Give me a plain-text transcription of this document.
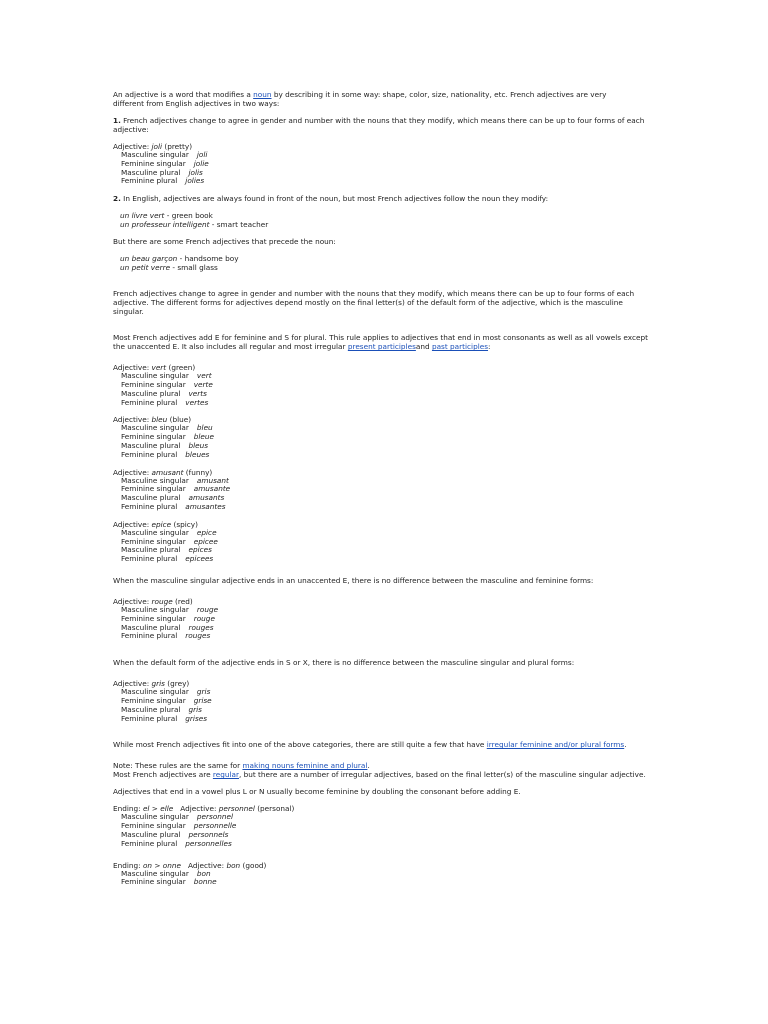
An adjective is a word that modifies a noun by describing it in some way: shape, color, size, nationality, etc. French adjectives are very

different from English adjectives in two ways:

1. French adjectives change to agree in gender and number with the nouns that they modify, which means there can be up to four forms of each adjective:

Adjective: joli (pretty)

Masculine singular joli
Feminine singular jolie
Masculine plural jolis
Feminine plural jolies

2. In English, adjectives are always found in front of the noun, but most French adjectives follow the noun they modify:

un livre vert - green book
un professeur intelligent - smart teacher

But there are some French adjectives that precede the noun:

un beau garçon - handsome boy
un petit verre - small glass

French adjectives change to agree in gender and number with the nouns that they modify, which means there can be up to four forms of each adjective. The different forms for adjectives depend mostly on the final letter(s) of the default form of the adjective, which is the masculine singular.

Most French adjectives add E for feminine and S for plural. This rule applies to adjectives that end in most consonants as well as all vowels except the unaccented E. It also includes all regular and most irregular present participlesand past participles:

Adjective: vert (green)

Masculine singular vert
Feminine singular verte
Masculine plural verts
Feminine plural vertes

Adjective: bleu (blue)

Masculine singular bleu
Feminine singular bleue
Masculine plural bleus
Feminine plural bleues

Adjective: amusant (funny)

Masculine singular amusant
Feminine singular amusante
Masculine plural amusants
Feminine plural amusantes

Adjective: epice (spicy)

Masculine singular epice
Feminine singular epicee
Masculine plural epices
Feminine plural epicees

When the masculine singular adjective ends in an unaccented E, there is no difference between the masculine and feminine forms:

Adjective: rouge (red)

Masculine singular rouge
Feminine singular rouge
Masculine plural rouges
Feminine plural rouges

When the default form of the adjective ends in S or X, there is no difference between the masculine singular and plural forms:

Adjective: gris (grey)

Masculine singular gris
Feminine singular grise
Masculine plural gris
Feminine plural grises

While most French adjectives fit into one of the above categories, there are still quite a few that have irregular feminine and/or plural forms.

Note: These rules are the same for making nouns feminine and plural.

Most French adjectives are regular, but there are a number of irregular adjectives, based on the final letter(s) of the masculine singular adjective.

Adjectives that end in a vowel plus L or N usually become feminine by doubling the consonant before adding E.

Ending: el > elle Adjective: personnel (personal)

Masculine singular personnel
Feminine singular personnelle
Masculine plural personnels
Feminine plural personnelles

Ending: on > onne Adjective: bon (good)

Masculine singular bon
Feminine singular bonne
